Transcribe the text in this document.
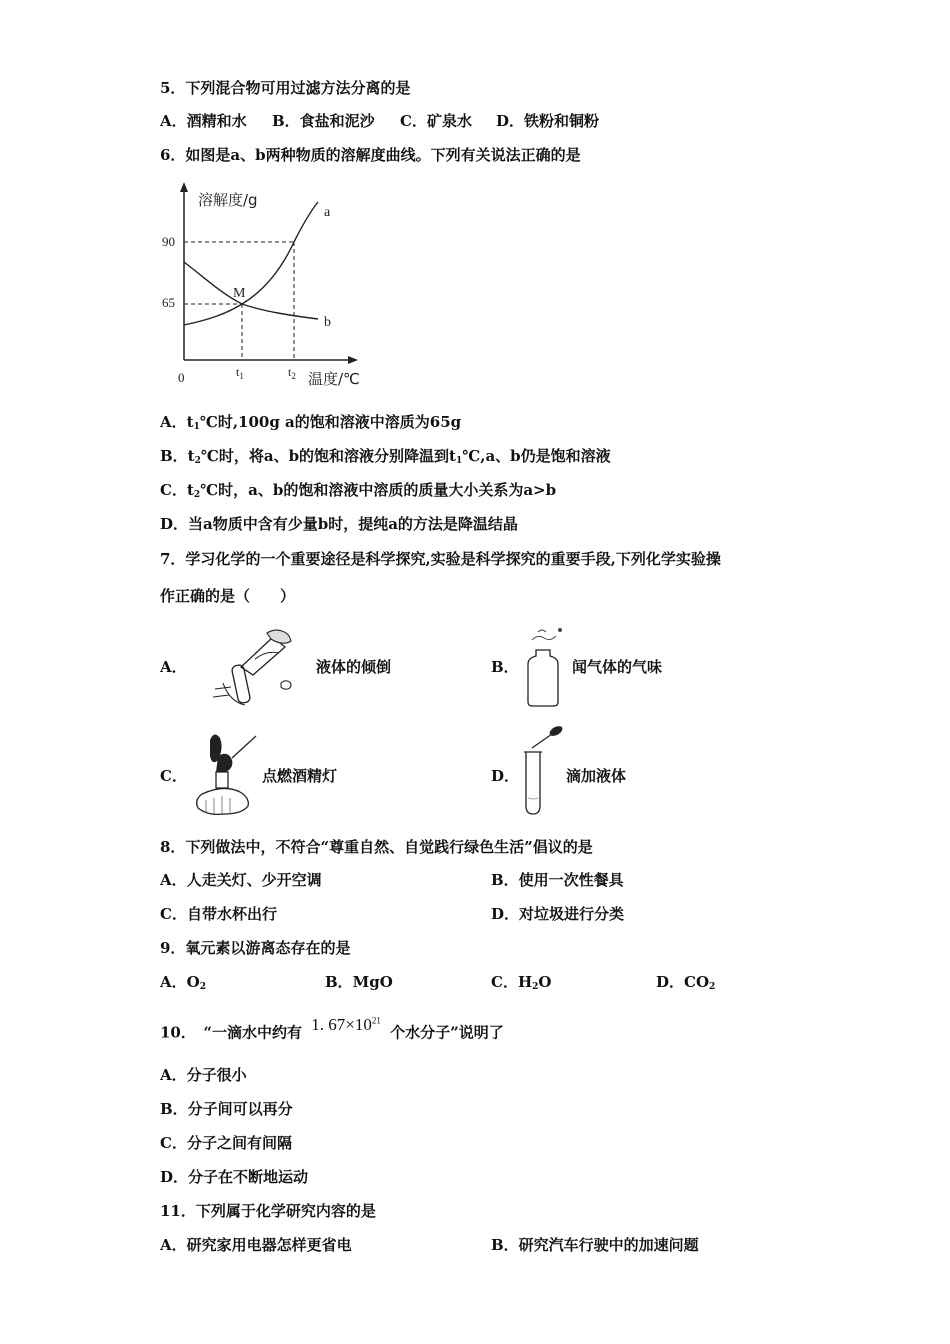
5．下列混合物可用过滤方法分离的是
A．酒精和水 B．食盐和泥沙 C．矿泉水 D．铁粉和铜粉
6．如图是a、b两种物质的溶解度曲线。下列有关说法正确的是
溶解度/g
温度/℃
0
90
65
a
b
M
$t_1$	$t_2$
A．$t_1℃$时,100g a的饱和溶液中溶质为65g
B．$t_2℃$时，将a、b的饱和溶液分别降温到$t_1℃,a$、b仍是饱和溶液
C．$t_2℃$时，a、b的饱和溶液中溶质的质量大小关系为a>b
D．当a物质中含有少量b时，提纯a的方法是降温结晶
7．学习化学的一个重要途径是科学探究,实验是科学探究的重要手段,下列化学实验操
作正确的是（　　）
A．	液体的倾倒	B．	闻气体的气味
C．	点燃酒精灯	D．	滴加液体
8．下列做法中，不符合“尊重自然、自觉践行绿色生活”倡议的是
A．人走关灯、少开空调	B．使用一次性餐具
C．自带水杯出行	D．对垃圾进行分类
9．氧元素以游离态存在的是
A．$O_2$	B．MgO	C．$H_2O$	D．$CO_2$
10．　“一滴水中约有 1. $67\times 10^{21}$ 个水分子”说明了
A．分子很小
B．分子间可以再分
C．分子之间有间隔
D．分子在不断地运动
11．下列属于化学研究内容的是
A．研究家用电器怎样更省电	B．研究汽车行驶中的加速问题
